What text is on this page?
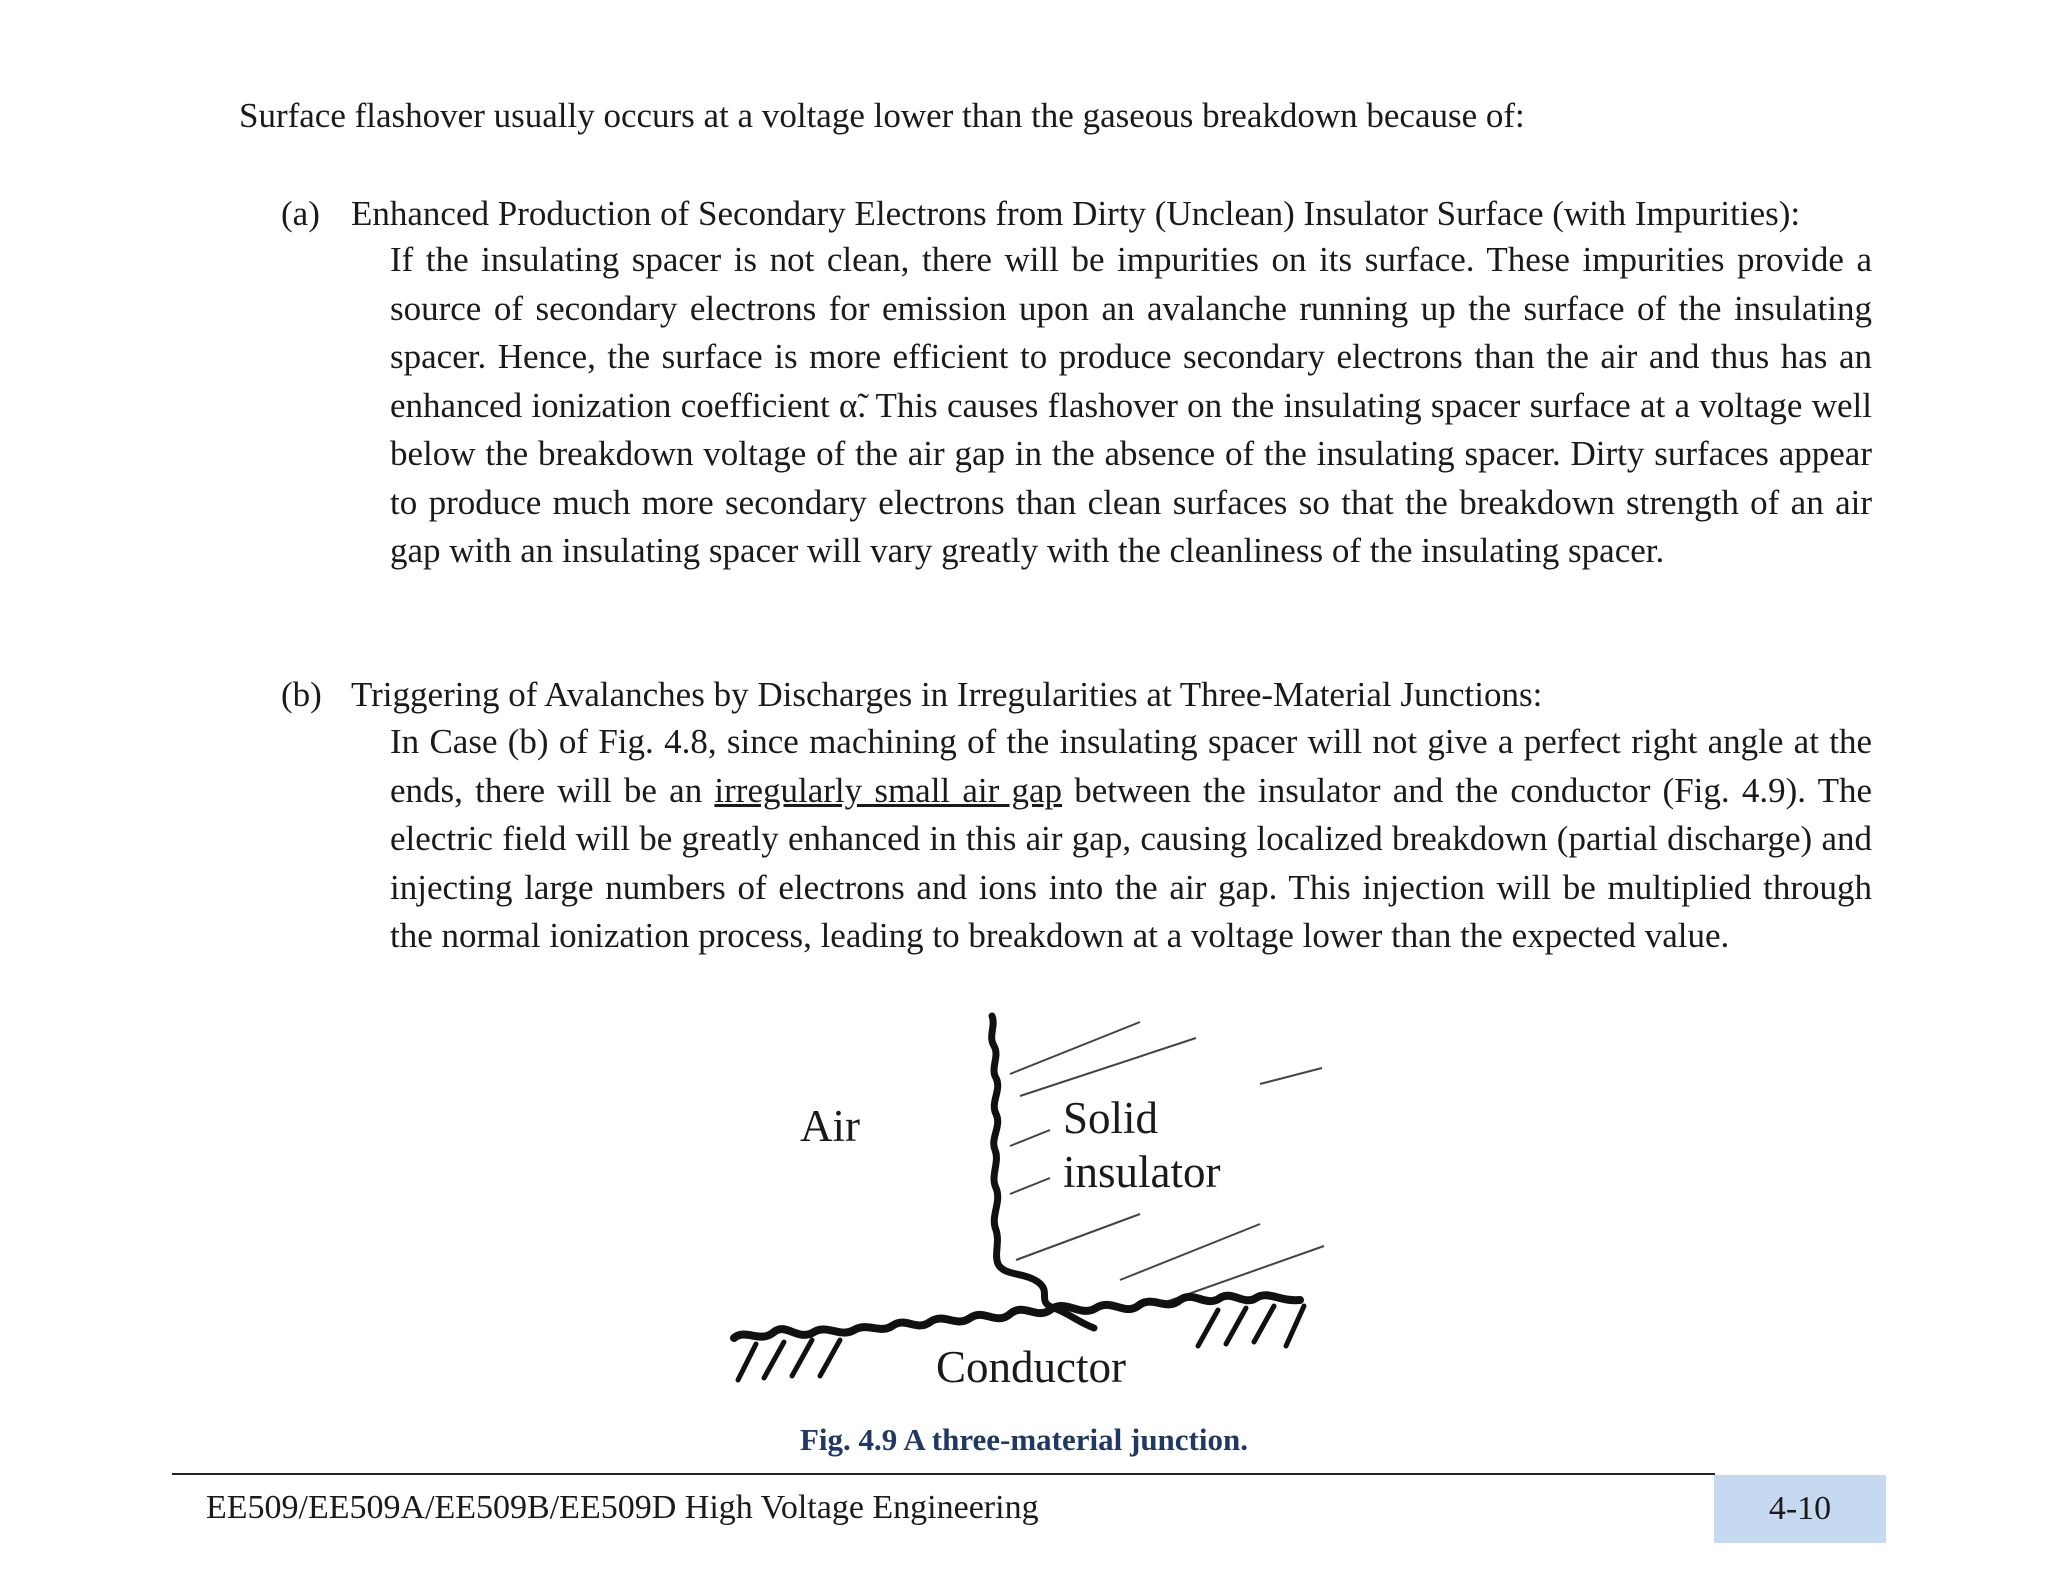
Surface flashover usually occurs at a voltage lower than the gaseous breakdown because of:
(a) Enhanced Production of Secondary Electrons from Dirty (Unclean) Insulator Surface (with Impurities):
If the insulating spacer is not clean, there will be impurities on its surface. These impurities provide a source of secondary electrons for emission upon an avalanche running up the surface of the insulating spacer. Hence, the surface is more efficient to produce secondary electrons than the air and thus has an enhanced ionization coefficient α̃. This causes flashover on the insulating spacer surface at a voltage well below the breakdown voltage of the air gap in the absence of the insulating spacer. Dirty surfaces appear to produce much more secondary electrons than clean surfaces so that the breakdown strength of an air gap with an insulating spacer will vary greatly with the cleanliness of the insulating spacer.
(b) Triggering of Avalanches by Discharges in Irregularities at Three-Material Junctions:
In Case (b) of Fig. 4.8, since machining of the insulating spacer will not give a perfect right angle at the ends, there will be an irregularly small air gap between the insulator and the conductor (Fig. 4.9). The electric field will be greatly enhanced in this air gap, causing localized breakdown (partial discharge) and injecting large numbers of electrons and ions into the air gap. This injection will be multiplied through the normal ionization process, leading to breakdown at a voltage lower than the expected value.
Air	Solid
insulator
Conductor
Fig. 4.9 A three-material junction.
EE509/EE509A/EE509B/EE509D High Voltage Engineering	4-10
